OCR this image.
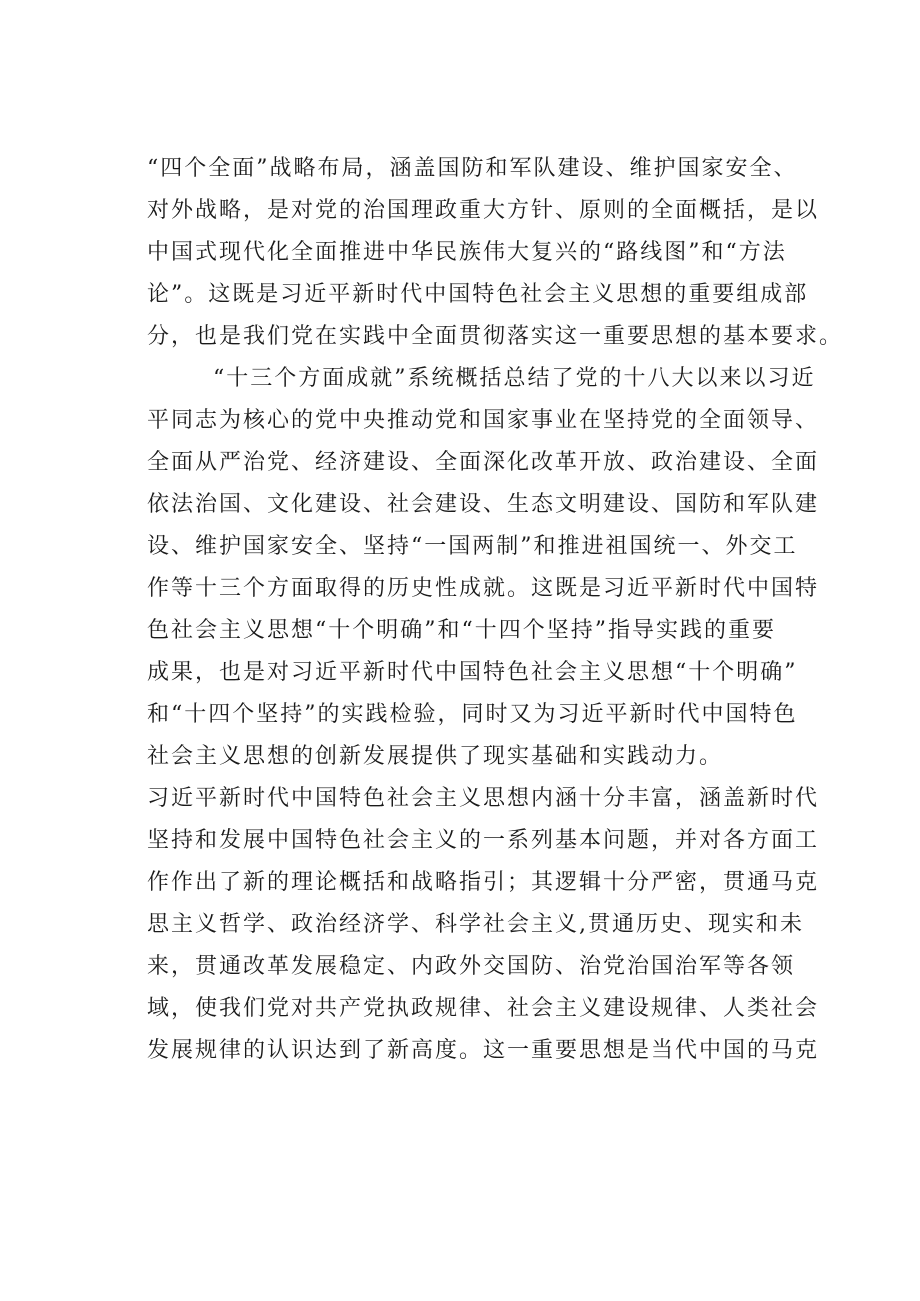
“四个全面”战略布局，涵盖国防和军队建设、维护国家安全、
对外战略，是对党的治国理政重大方针、原则的全面概括，是以
中国式现代化全面推进中华民族伟大复兴的“路线图”和“方法
论”。这既是习近平新时代中国特色社会主义思想的重要组成部
分，也是我们党在实践中全面贯彻落实这一重要思想的基本要求。
“十三个方面成就”系统概括总结了党的十八大以来以习近
平同志为核心的党中央推动党和国家事业在坚持党的全面领导、
全面从严治党、经济建设、全面深化改革开放、政治建设、全面
依法治国、文化建设、社会建设、生态文明建设、国防和军队建
设、维护国家安全、坚持“一国两制”和推进祖国统一、外交工
作等十三个方面取得的历史性成就。这既是习近平新时代中国特
色社会主义思想“十个明确”和“十四个坚持”指导实践的重要
成果，也是对习近平新时代中国特色社会主义思想“十个明确”
和“十四个坚持”的实践检验，同时又为习近平新时代中国特色
社会主义思想的创新发展提供了现实基础和实践动力。
习近平新时代中国特色社会主义思想内涵十分丰富，涵盖新时代
坚持和发展中国特色社会主义的一系列基本问题，并对各方面工
作作出了新的理论概括和战略指引；其逻辑十分严密，贯通马克
思主义哲学、政治经济学、科学社会主义,贯通历史、现实和未
来，贯通改革发展稳定、内政外交国防、治党治国治军等各领
域，使我们党对共产党执政规律、社会主义建设规律、人类社会
发展规律的认识达到了新高度。这一重要思想是当代中国的马克
